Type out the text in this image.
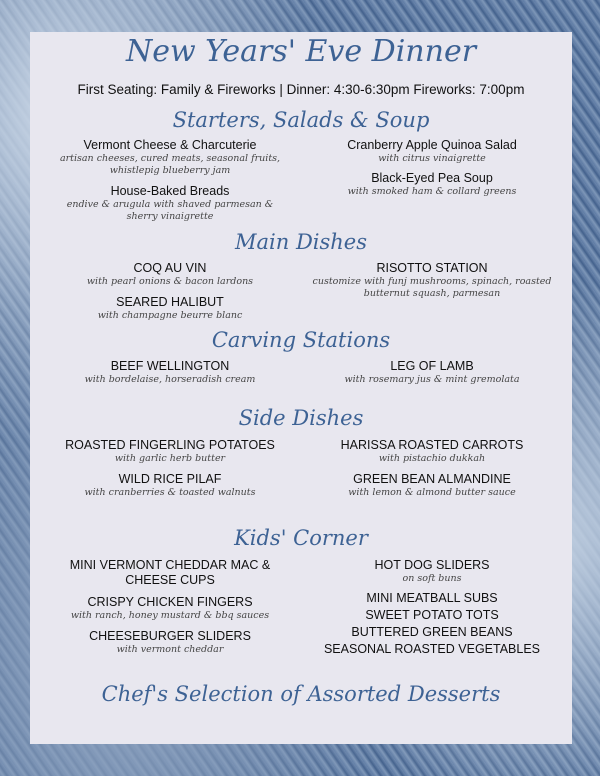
New Years' Eve Dinner
First Seating: Family & Fireworks | Dinner: 4:30-6:30pm Fireworks: 7:00pm
Starters, Salads & Soup
Vermont Cheese & Charcuterie
artisan cheeses, cured meats, seasonal fruits, whistlepig blueberry jam
House-Baked Breads
endive & arugula with shaved parmesan & sherry vinaigrette
Cranberry Apple Quinoa Salad
with citrus vinaigrette
Black-Eyed Pea Soup
with smoked ham & collard greens
Main Dishes
COQ AU VIN
with pearl onions & bacon lardons
SEARED HALIBUT
with champagne beurre blanc
RISOTTO STATION
customize with funj mushrooms, spinach, roasted butternut squash, parmesan
Carving Stations
BEEF WELLINGTON
with bordelaise, horseradish cream
LEG OF LAMB
with rosemary jus & mint gremolata
Side Dishes
ROASTED FINGERLING POTATOES
with garlic herb butter
WILD RICE PILAF
with cranberries & toasted walnuts
HARISSA ROASTED CARROTS
with pistachio dukkah
GREEN BEAN ALMANDINE
with lemon & almond butter sauce
Kids' Corner
MINI VERMONT CHEDDAR MAC & CHEESE CUPS
CRISPY CHICKEN FINGERS
with ranch, honey mustard & bbq sauces
CHEESEBURGER SLIDERS
with vermont cheddar
HOT DOG SLIDERS
on soft buns
MINI MEATBALL SUBS
SWEET POTATO TOTS
BUTTERED GREEN BEANS
SEASONAL ROASTED VEGETABLES
Chef's Selection of Assorted Desserts
